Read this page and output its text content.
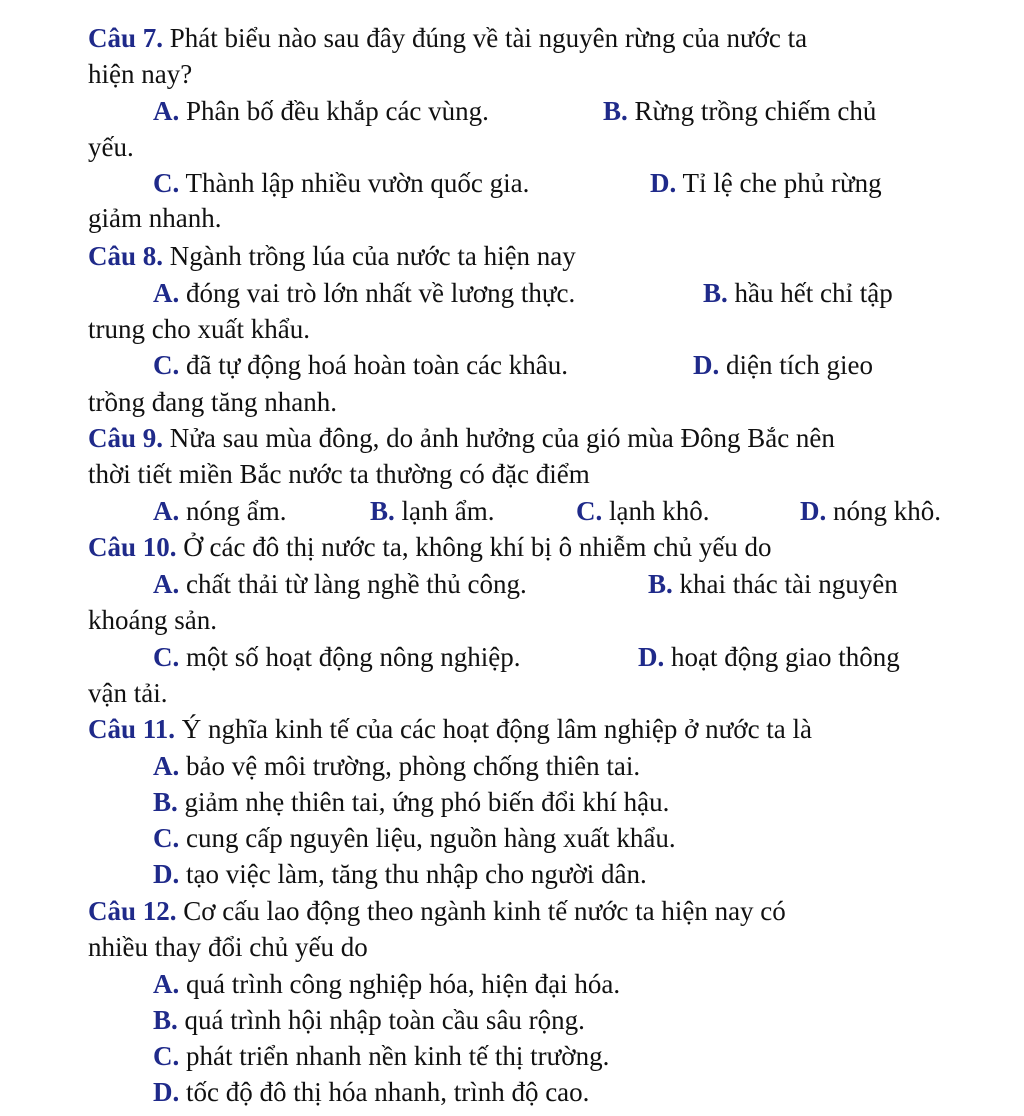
Câu 7. Phát biểu nào sau đây đúng về tài nguyên rừng của nước ta
hiện nay?
A. Phân bố đều khắp các vùng.	B. Rừng trồng chiếm chủ
yếu.
C. Thành lập nhiều vườn quốc gia.	D. Tỉ lệ che phủ rừng
giảm nhanh.
Câu 8. Ngành trồng lúa của nước ta hiện nay
A. đóng vai trò lớn nhất về lương thực.	B. hầu hết chỉ tập
trung cho xuất khẩu.
C. đã tự động hoá hoàn toàn các khâu.	D. diện tích gieo
trồng đang tăng nhanh.
Câu 9. Nửa sau mùa đông, do ảnh hưởng của gió mùa Đông Bắc nên
thời tiết miền Bắc nước ta thường có đặc điểm
A. nóng ẩm.	B. lạnh ẩm.	C. lạnh khô.	D. nóng khô.
Câu 10. Ở các đô thị nước ta, không khí bị ô nhiễm chủ yếu do
A. chất thải từ làng nghề thủ công.	B. khai thác tài nguyên
khoáng sản.
C. một số hoạt động nông nghiệp.	D. hoạt động giao thông
vận tải.
Câu 11. Ý nghĩa kinh tế của các hoạt động lâm nghiệp ở nước ta là
A. bảo vệ môi trường, phòng chống thiên tai.
B. giảm nhẹ thiên tai, ứng phó biến đổi khí hậu.
C. cung cấp nguyên liệu, nguồn hàng xuất khẩu.
D. tạo việc làm, tăng thu nhập cho người dân.
Câu 12. Cơ cấu lao động theo ngành kinh tế nước ta hiện nay có
nhiều thay đổi chủ yếu do
A. quá trình công nghiệp hóa, hiện đại hóa.
B. quá trình hội nhập toàn cầu sâu rộng.
C. phát triển nhanh nền kinh tế thị trường.
D. tốc độ đô thị hóa nhanh, trình độ cao.
